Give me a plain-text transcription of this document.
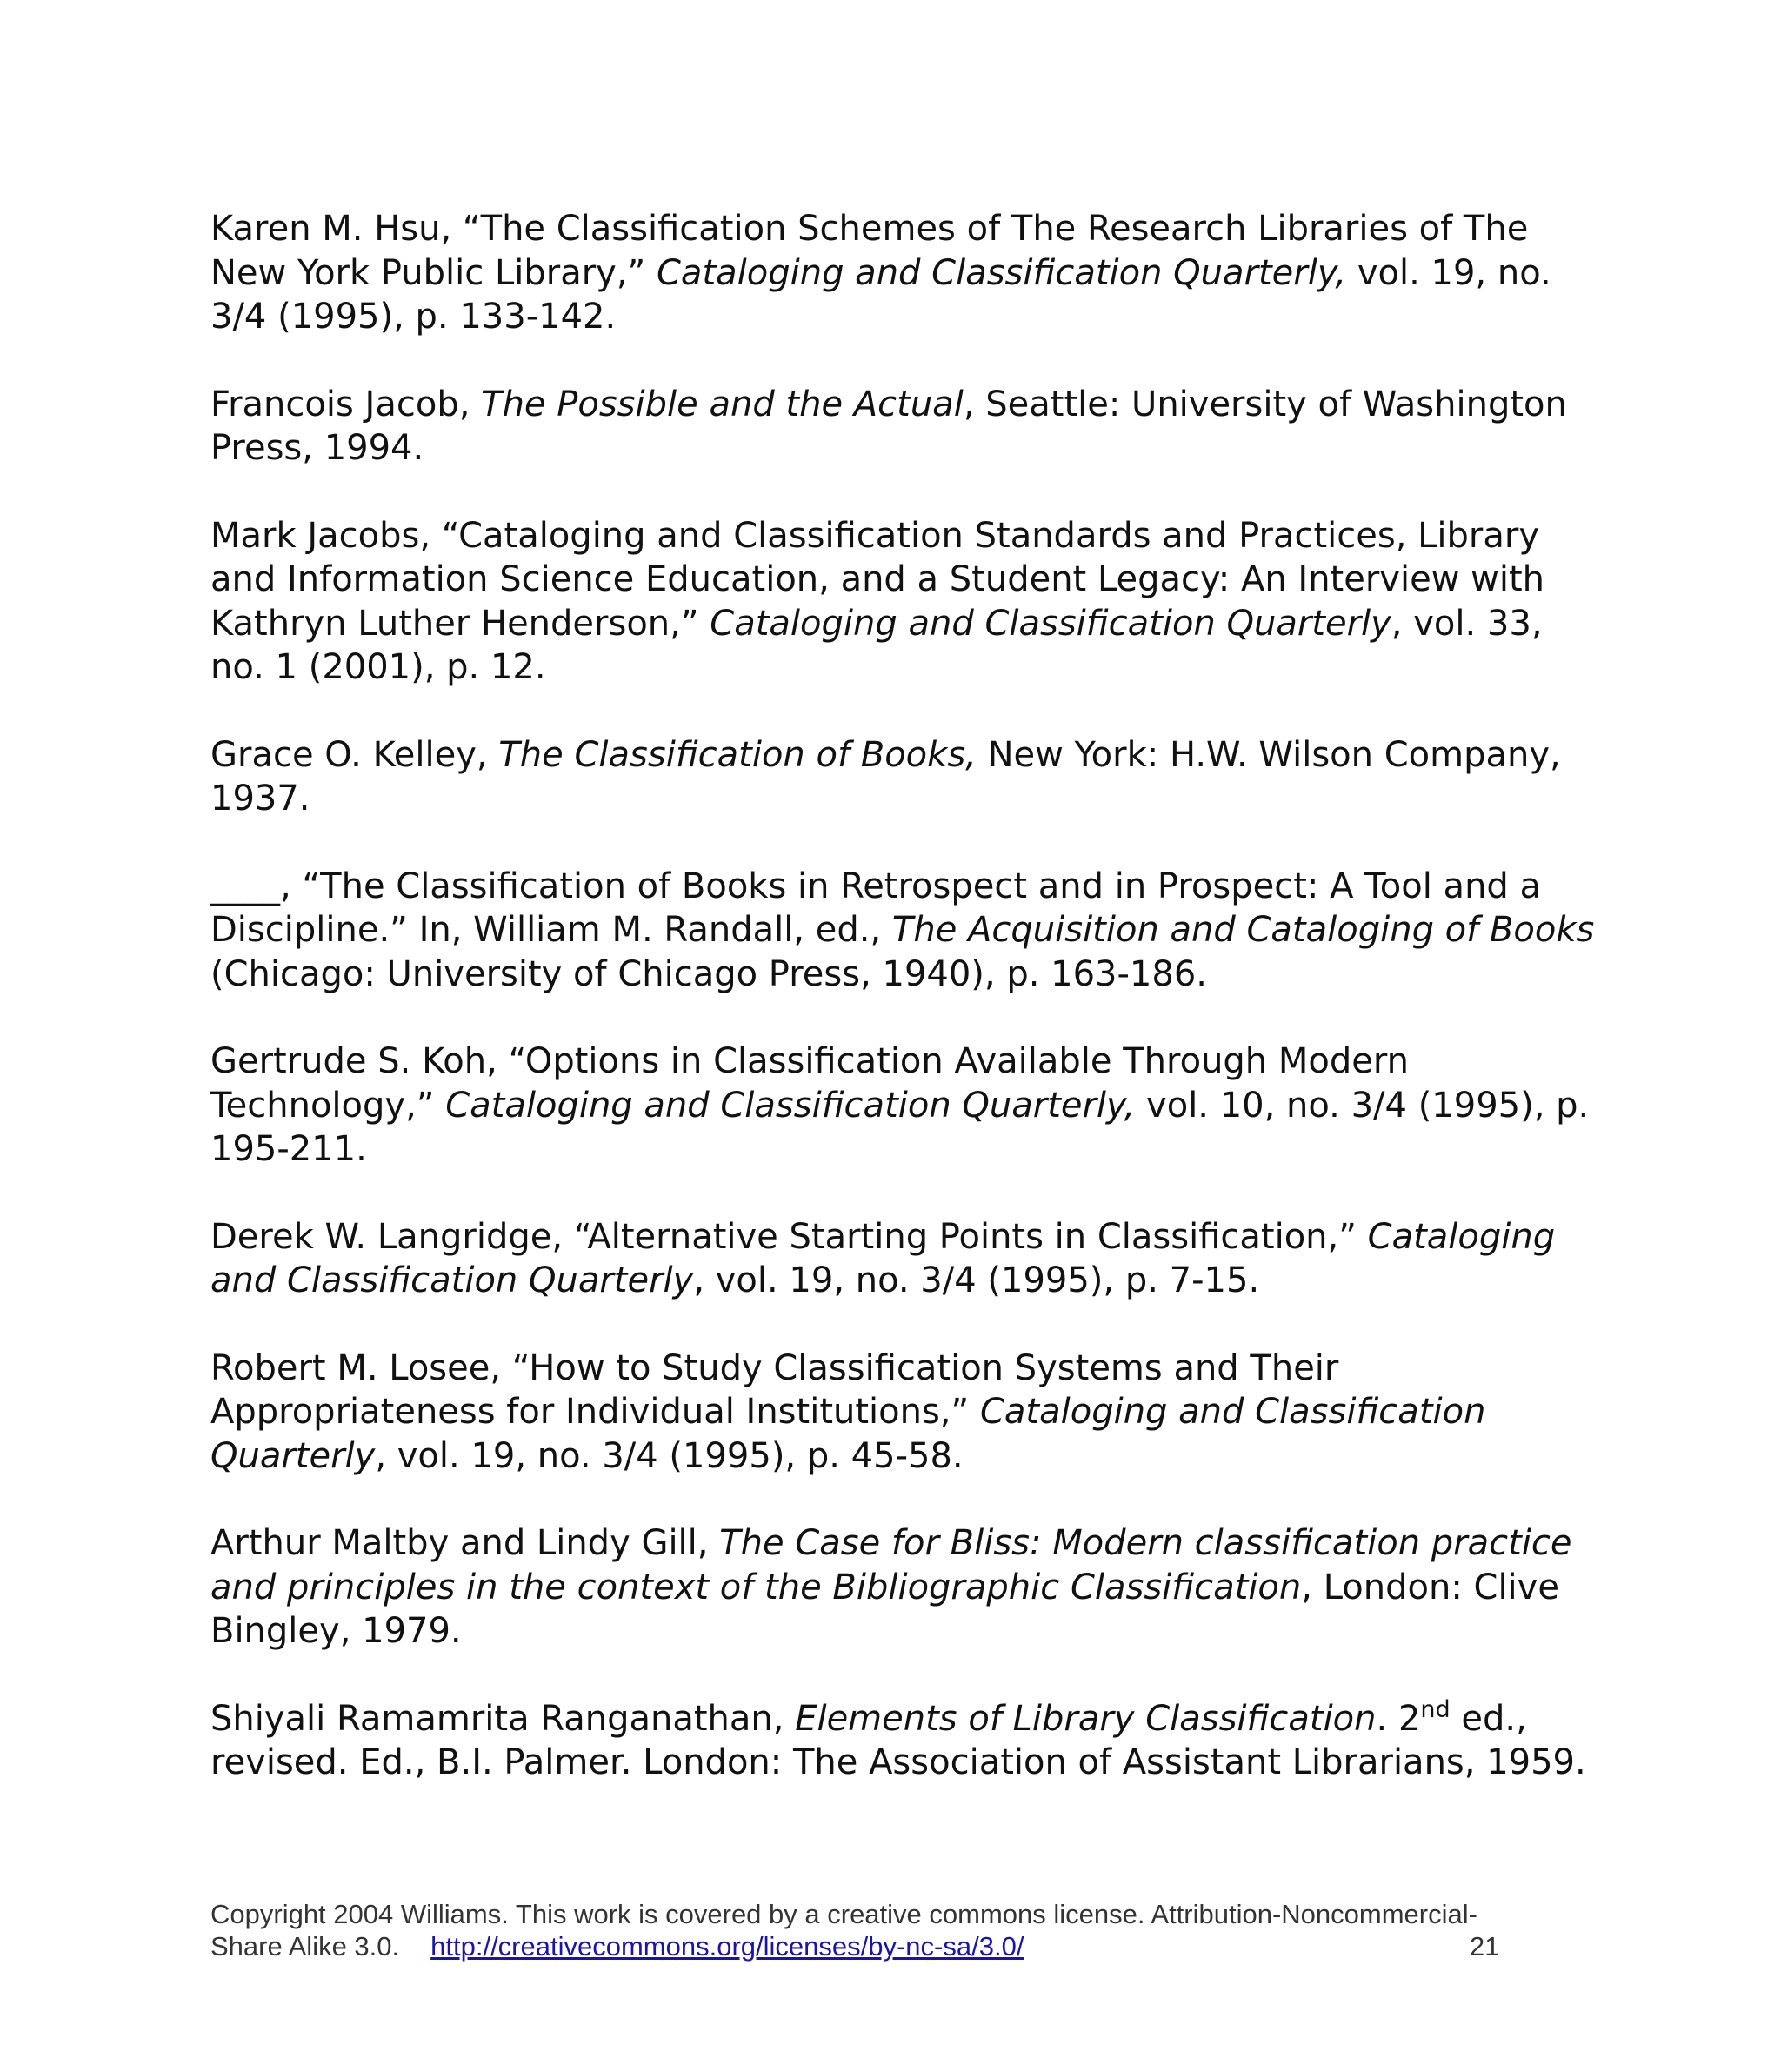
Karen M. Hsu, “The Classification Schemes of The Research Libraries of The New York Public Library,” Cataloging and Classification Quarterly, vol. 19, no. 3/4 (1995), p. 133-142.

Francois Jacob, The Possible and the Actual, Seattle: University of Washington Press, 1994.

Mark Jacobs, “Cataloging and Classification Standards and Practices, Library and Information Science Education, and a Student Legacy: An Interview with Kathryn Luther Henderson,” Cataloging and Classification Quarterly, vol. 33, no. 1 (2001), p. 12.

Grace O. Kelley, The Classification of Books, New York: H.W. Wilson Company, 1937.

____, “The Classification of Books in Retrospect and in Prospect: A Tool and a Discipline.” In, William M. Randall, ed., The Acquisition and Cataloging of Books (Chicago: University of Chicago Press, 1940), p. 163-186.

Gertrude S. Koh, “Options in Classification Available Through Modern Technology,” Cataloging and Classification Quarterly, vol. 10, no. 3/4 (1995), p. 195-211.

Derek W. Langridge, “Alternative Starting Points in Classification,” Cataloging and Classification Quarterly, vol. 19, no. 3/4 (1995), p. 7-15.

Robert M. Losee, “How to Study Classification Systems and Their Appropriateness for Individual Institutions,” Cataloging and Classification Quarterly, vol. 19, no. 3/4 (1995), p. 45-58.

Arthur Maltby and Lindy Gill, The Case for Bliss: Modern classification practice and principles in the context of the Bibliographic Classification, London: Clive Bingley, 1979.

Shiyali Ramamrita Ranganathan, Elements of Library Classification. 2nd ed., revised. Ed., B.I. Palmer. London: The Association of Assistant Librarians, 1959.

Copyright 2004 Williams. This work is covered by a creative commons license. Attribution-Noncommercial-Share Alike 3.0. http://creativecommons.org/licenses/by-nc-sa/3.0/	21
